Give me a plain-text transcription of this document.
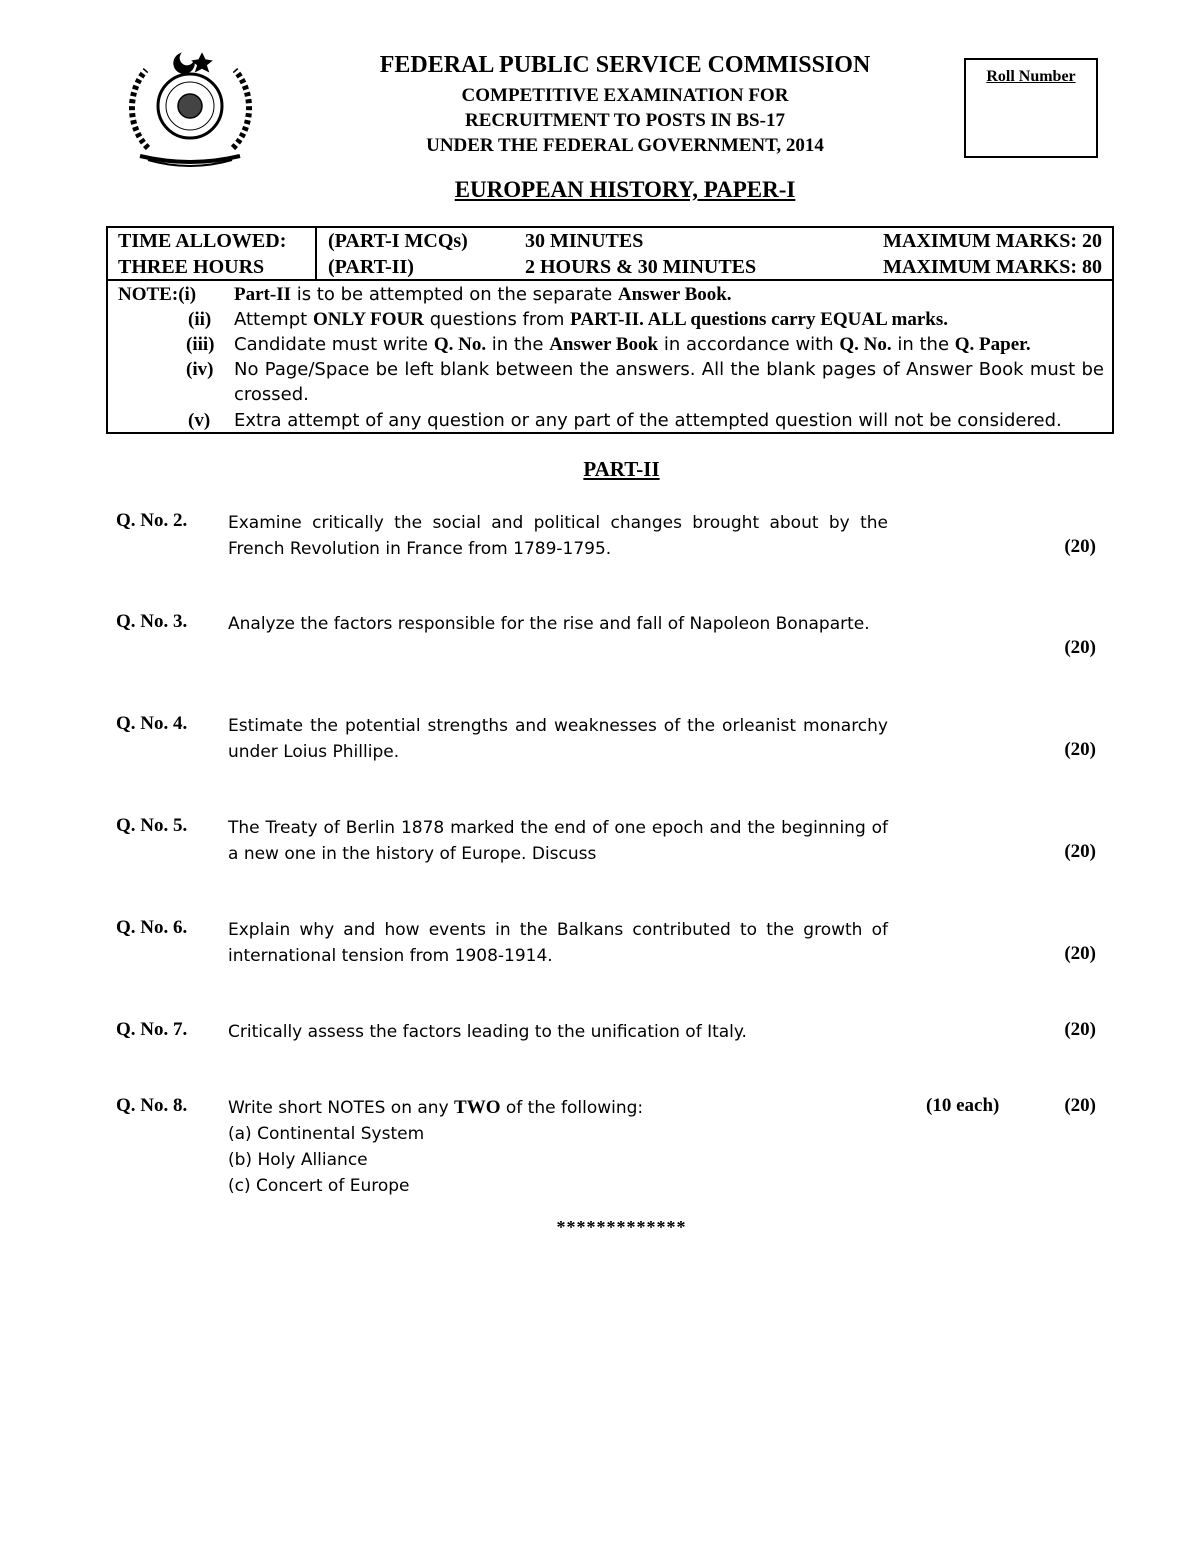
FEDERAL PUBLIC SERVICE COMMISSION
COMPETITIVE EXAMINATION FOR
RECRUITMENT TO POSTS IN BS-17
UNDER THE FEDERAL GOVERNMENT, 2014
Roll Number
EUROPEAN HISTORY, PAPER-I
TIME ALLOWED: (PART-I MCQs)	30 MINUTES	MAXIMUM MARKS: 20
THREE HOURS	(PART-II)	2 HOURS & 30 MINUTES	MAXIMUM MARKS: 80
NOTE:(i) Part-II is to be attempted on the separate Answer Book.
(ii) Attempt ONLY FOUR questions from PART-II. ALL questions carry EQUAL marks.
(iii) Candidate must write Q. No. in the Answer Book in accordance with Q. No. in the Q. Paper.
(iv) No Page/Space be left blank between the answers. All the blank pages of Answer Book must be crossed.
(v) Extra attempt of any question or any part of the attempted question will not be considered.
PART-II
Q. No. 2. Examine critically the social and political changes brought about by the French Revolution in France from 1789-1795.	(20)
Q. No. 3. Analyze the factors responsible for the rise and fall of Napoleon Bonaparte.
(20)
Q. No. 4. Estimate the potential strengths and weaknesses of the orleanist monarchy under Loius Phillipe.	(20)
Q. No. 5. The Treaty of Berlin 1878 marked the end of one epoch and the beginning of a new one in the history of Europe. Discuss	(20)
Q. No. 6. Explain why and how events in the Balkans contributed to the growth of international tension from 1908-1914.	(20)
Q. No. 7. Critically assess the factors leading to the unification of Italy.	(20)
Q. No. 8. Write short NOTES on any TWO of the following:
(a) Continental System
(b) Holy Alliance
(c) Concert of Europe
(10 each)	(20)
*************
